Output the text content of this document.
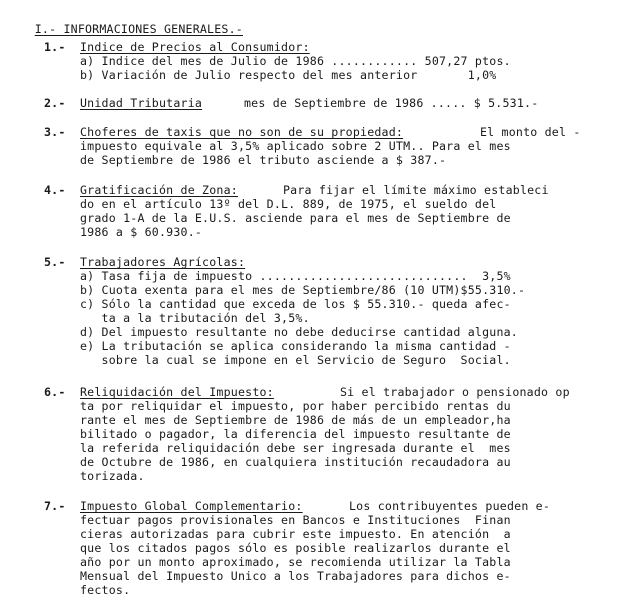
I.- INFORMACIONES GENERALES.-

1.- Indice de Precios al Consumidor:
a) Indice del mes de Julio de 1986 ............ 507,27 ptos.
b) Variación de Julio respecto del mes anterior       1,0%
2.- Unidad Tributaria	mes de Septiembre de 1986 ..... $ 5.531.-
3.- Choferes de taxis que no son de su propiedad:	El monto del -
impuesto equivale al 3,5% aplicado sobre 2 UTM.. Para el mes
de Septiembre de 1986 el tributo asciende a $ 387.-
4.- Gratificación de Zona:	Para fijar el límite máximo estableci
do en el artículo 13º del D.L. 889, de 1975, el sueldo del
grado 1-A de la E.U.S. asciende para el mes de Septiembre de
1986 a $ 60.930.-
5.- Trabajadores Agrícolas:
a) Tasa fija de impuesto .............................  3,5%
b) Cuota exenta para el mes de Septiembre/86 (10 UTM)$55.310.-
c) Sólo la cantidad que exceda de los $ 55.310.- queda afec-
ta a la tributación del 3,5%.
d) Del impuesto resultante no debe deducirse cantidad alguna.
e) La tributación se aplica considerando la misma cantidad -
sobre la cual se impone en el Servicio de Seguro  Social.
6.- Reliquidación del Impuesto:	Si el trabajador o pensionado op
ta por reliquidar el impuesto, por haber percibido rentas du
rante el mes de Septiembre de 1986 de más de un empleador,ha
bilitado o pagador, la diferencia del impuesto resultante de
la referida reliquidación debe ser ingresada durante el  mes
de Octubre de 1986, en cualquiera institución recaudadora au
torizada.
7.- Impuesto Global Complementario:	Los contribuyentes pueden e-
fectuar pagos provisionales en Bancos e Instituciones  Finan
cieras autorizadas para cubrir este impuesto. En atención  a
que los citados pagos sólo es posible realizarlos durante el
año por un monto aproximado, se recomienda utilizar la Tabla
Mensual del Impuesto Unico a los Trabajadores para dichos e-
fectos.
